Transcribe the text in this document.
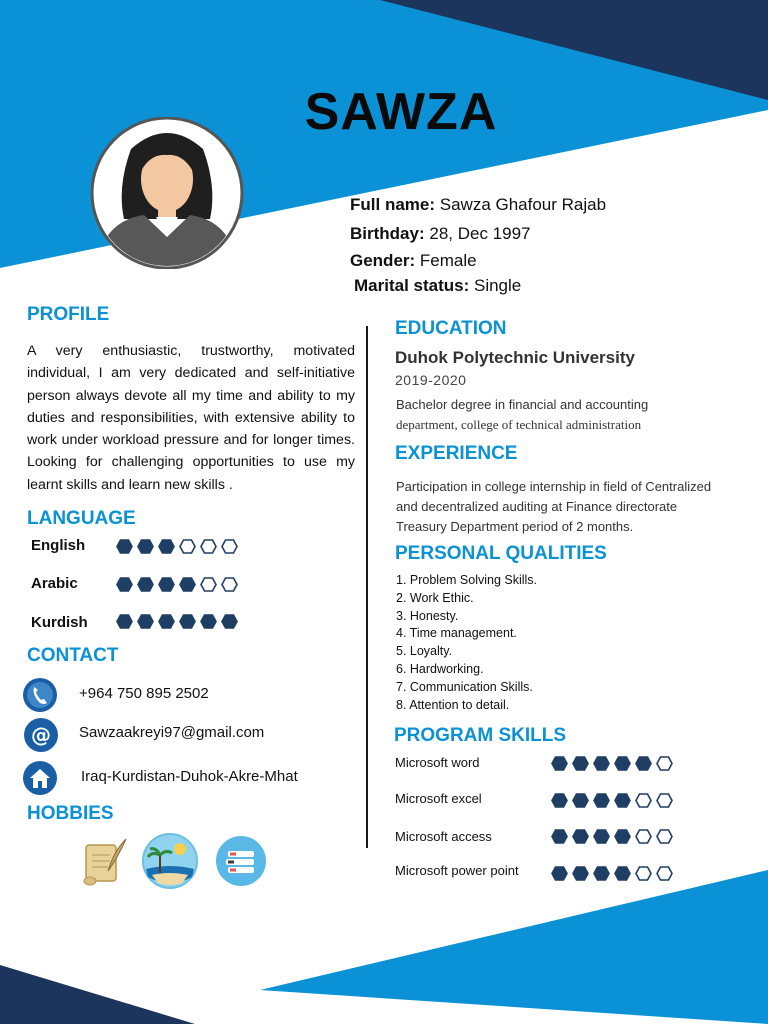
SAWZA
Full name: Sawza Ghafour Rajab
Birthday: 28, Dec 1997
Gender: Female
Marital status: Single
PROFILE
A very enthusiastic, trustworthy, motivated individual, I am very dedicated and self-initiative person always devote all my time and ability to my duties and responsibilities, with extensive ability to work under workload pressure and for longer times. Looking for challenging opportunities to use my learnt skills and learn new skills .
LANGUAGE
English
Arabic
Kurdish
CONTACT
+964 750 895 2502
@ Sawzaakreyi97@gmail.com
Iraq-Kurdistan-Duhok-Akre-Mhat
HOBBIES
EDUCATION
Duhok Polytechnic University
2019-2020
Bachelor degree in financial and accounting
department, college of technical administration
EXPERIENCE
Participation in college internship in field of Centralized
and decentralized auditing at Finance directorate
Treasury Department period of 2 months.
PERSONAL QUALITIES
1. Problem Solving Skills.
2. Work Ethic.
3. Honesty.
4. Time management.
5. Loyalty.
6. Hardworking.
7. Communication Skills.
8. Attention to detail.
PROGRAM SKILLS
Microsoft word
Microsoft excel
Microsoft access
Microsoft power point
